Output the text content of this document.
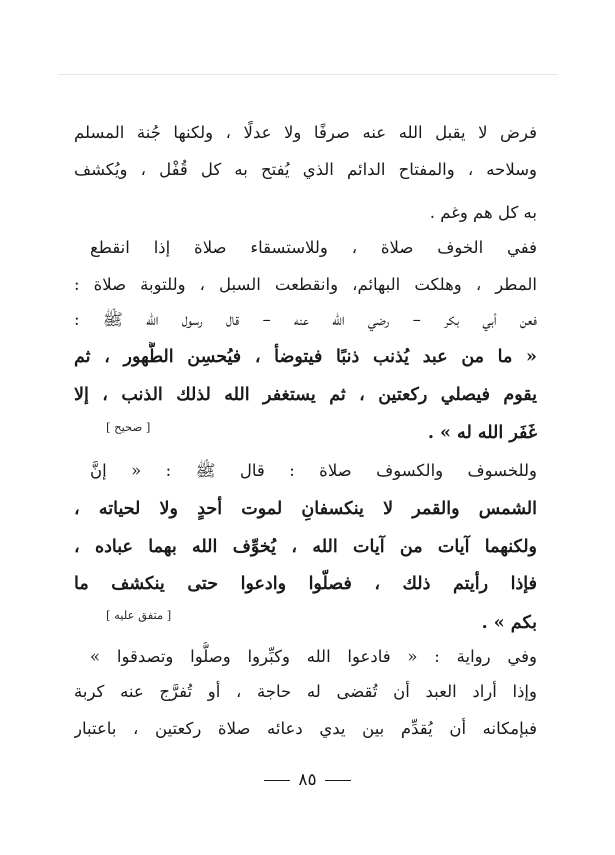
فرض لا يقبل الله عنه صرفًا ولا عدلًا ، ولكنها جُنة المسلم
وسلاحه ، والمفتاح الدائم الذي يُفتح به كل قُفْل ، ويُكشف
به كل هم وغم .
ففي الخوف صلاة ، وللاستسقاء صلاة إذا انقطع
المطر ، وهلكت البهائم، وانقطعت السبل ، وللتوبة صلاة :
فعن أبي بكر – رضي الله عنه – قال رسول الله ﷺ :
« ما من عبد يُذنب ذنبًا فيتوضأ ، فيُحسِن الطُّهور ، ثم
يقوم فيصلي ركعتين ، ثم يستغفر الله لذلك الذنب ، إلا
غَفَر الله له » .
[ صحيح ]
وللخسوف والكسوف صلاة : قال ﷺ : « إنَّ
الشمس والقمر لا ينكسفانِ لموت أحدٍ ولا لحياته ،
ولكنهما آيات من آيات الله ، يُخوِّف الله بهما عباده ،
فإذا رأيتم ذلك ، فصلّوا وادعوا حتى ينكشف ما
بكم » .
[ متفق عليه ]
وفي رواية : « فادعوا الله وكبِّروا وصلُّوا وتصدقوا »
وإذا أراد العبد أن تُقضى له حاجة ، أو تُفرَّج عنه كربة
فبإمكانه أن يُقدِّم بين يدي دعائه صلاة ركعتين ، باعتبار
٨٥
